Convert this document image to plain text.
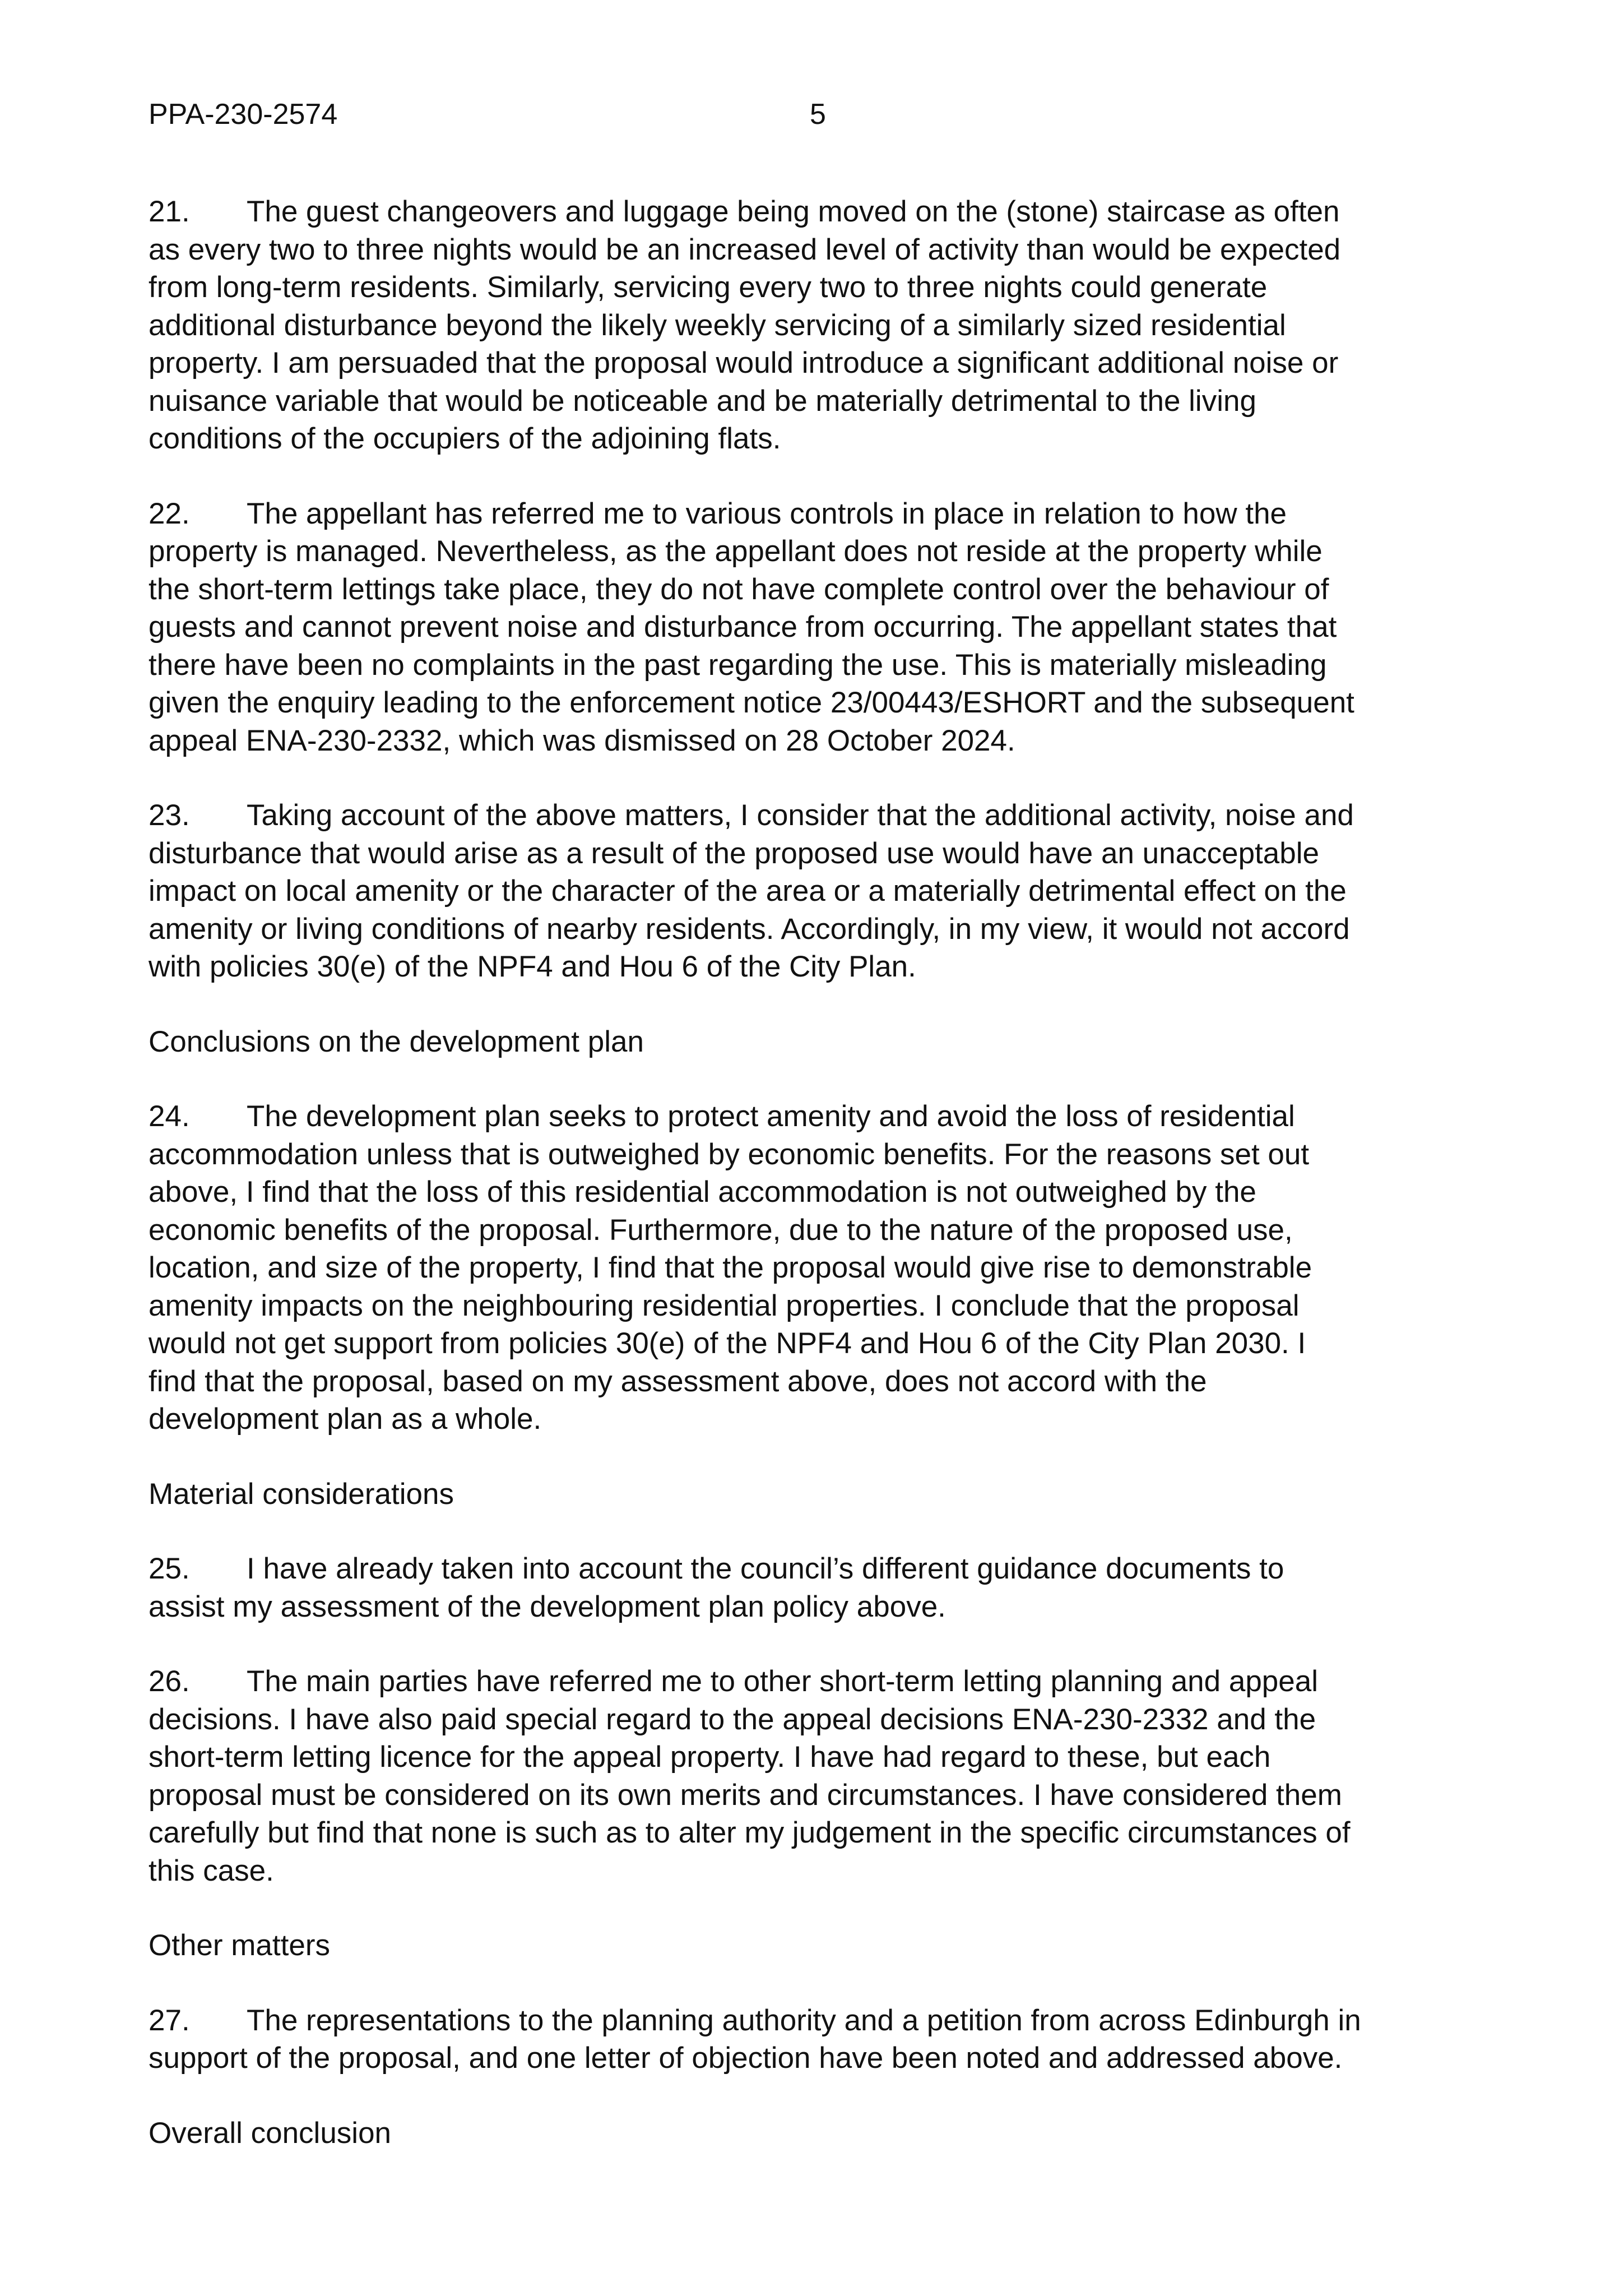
PPA-230-2574	5
21. The guest changeovers and luggage being moved on the (stone) staircase as often
as every two to three nights would be an increased level of activity than would be expected
from long-term residents. Similarly, servicing every two to three nights could generate
additional disturbance beyond the likely weekly servicing of a similarly sized residential
property. I am persuaded that the proposal would introduce a significant additional noise or
nuisance variable that would be noticeable and be materially detrimental to the living
conditions of the occupiers of the adjoining flats.
22. The appellant has referred me to various controls in place in relation to how the
property is managed. Nevertheless, as the appellant does not reside at the property while
the short-term lettings take place, they do not have complete control over the behaviour of
guests and cannot prevent noise and disturbance from occurring. The appellant states that
there have been no complaints in the past regarding the use. This is materially misleading
given the enquiry leading to the enforcement notice 23/00443/ESHORT and the subsequent
appeal ENA-230-2332, which was dismissed on 28 October 2024.
23. Taking account of the above matters, I consider that the additional activity, noise and
disturbance that would arise as a result of the proposed use would have an unacceptable
impact on local amenity or the character of the area or a materially detrimental effect on the
amenity or living conditions of nearby residents. Accordingly, in my view, it would not accord
with policies 30(e) of the NPF4 and Hou 6 of the City Plan.
Conclusions on the development plan
24. The development plan seeks to protect amenity and avoid the loss of residential
accommodation unless that is outweighed by economic benefits. For the reasons set out
above, I find that the loss of this residential accommodation is not outweighed by the
economic benefits of the proposal. Furthermore, due to the nature of the proposed use,
location, and size of the property, I find that the proposal would give rise to demonstrable
amenity impacts on the neighbouring residential properties. I conclude that the proposal
would not get support from policies 30(e) of the NPF4 and Hou 6 of the City Plan 2030. I
find that the proposal, based on my assessment above, does not accord with the
development plan as a whole.
Material considerations
25. I have already taken into account the council’s different guidance documents to
assist my assessment of the development plan policy above.
26. The main parties have referred me to other short-term letting planning and appeal
decisions. I have also paid special regard to the appeal decisions ENA-230-2332 and the
short-term letting licence for the appeal property. I have had regard to these, but each
proposal must be considered on its own merits and circumstances. I have considered them
carefully but find that none is such as to alter my judgement in the specific circumstances of
this case.
Other matters
27. The representations to the planning authority and a petition from across Edinburgh in
support of the proposal, and one letter of objection have been noted and addressed above.
Overall conclusion
